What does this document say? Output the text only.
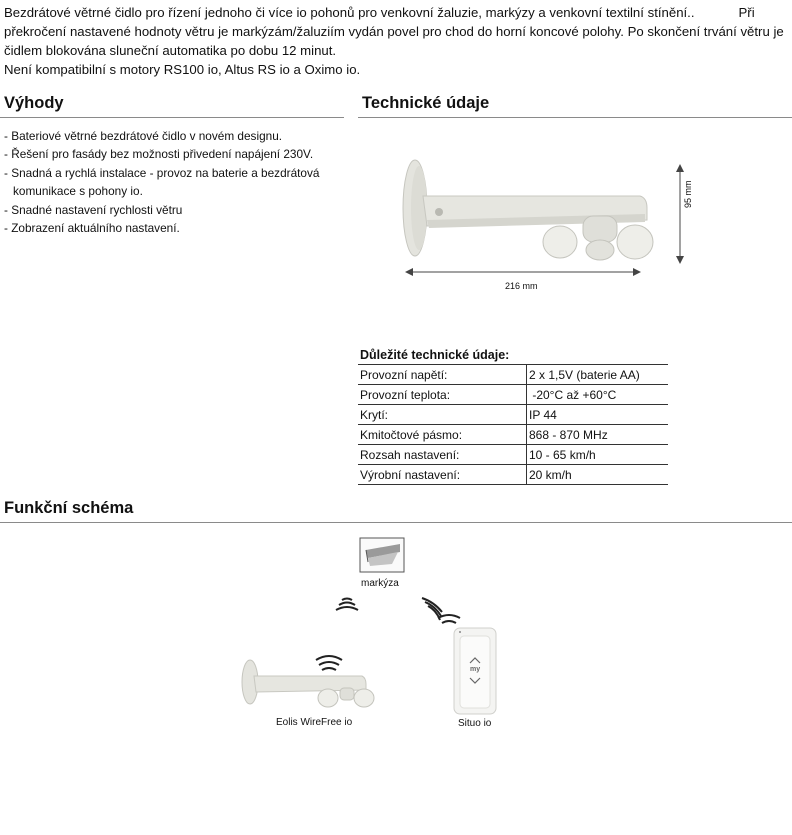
Bezdrátové větrné čidlo pro řízení jednoho či více io pohonů pro venkovní žaluzie, markýzy a venkovní textilní stínění..	Při

překročení nastavené hodnoty větru je markýzám/žaluziím vydán povel pro chod do horní koncové polohy. Po skončení trvání větru je

čidlem blokována sluneční automatika po dobu 12 minut.

Není kompatibilní s motory RS100 io, Altus RS io a Oximo io.

Výhody	Technické údaje
- Bateriové větrné bezdrátové čidlo v novém designu.
- Řešení pro fasády bez možnosti přivedení napájení 230V.
- Snadná a rychlá instalace - provoz na baterie a bezdrátová
komunikace s pohony io.
- Snadné nastavení rychlosti větru
- Zobrazení aktuálního nastavení.
216 mm
95 mm
Důležité technické údaje:
Provozní napětí:	2 x 1,5V (baterie AA)
Provozní teplota:	-20°C až +60°C
Krytí:	IP 44
Kmitočtové pásmo:	868 - 870 MHz
Rozsah nastavení:	10 - 65 km/h
Výrobní nastavení:	20 km/h
Funkční schéma
markýza
my
Eolis WireFree io	Situo io
